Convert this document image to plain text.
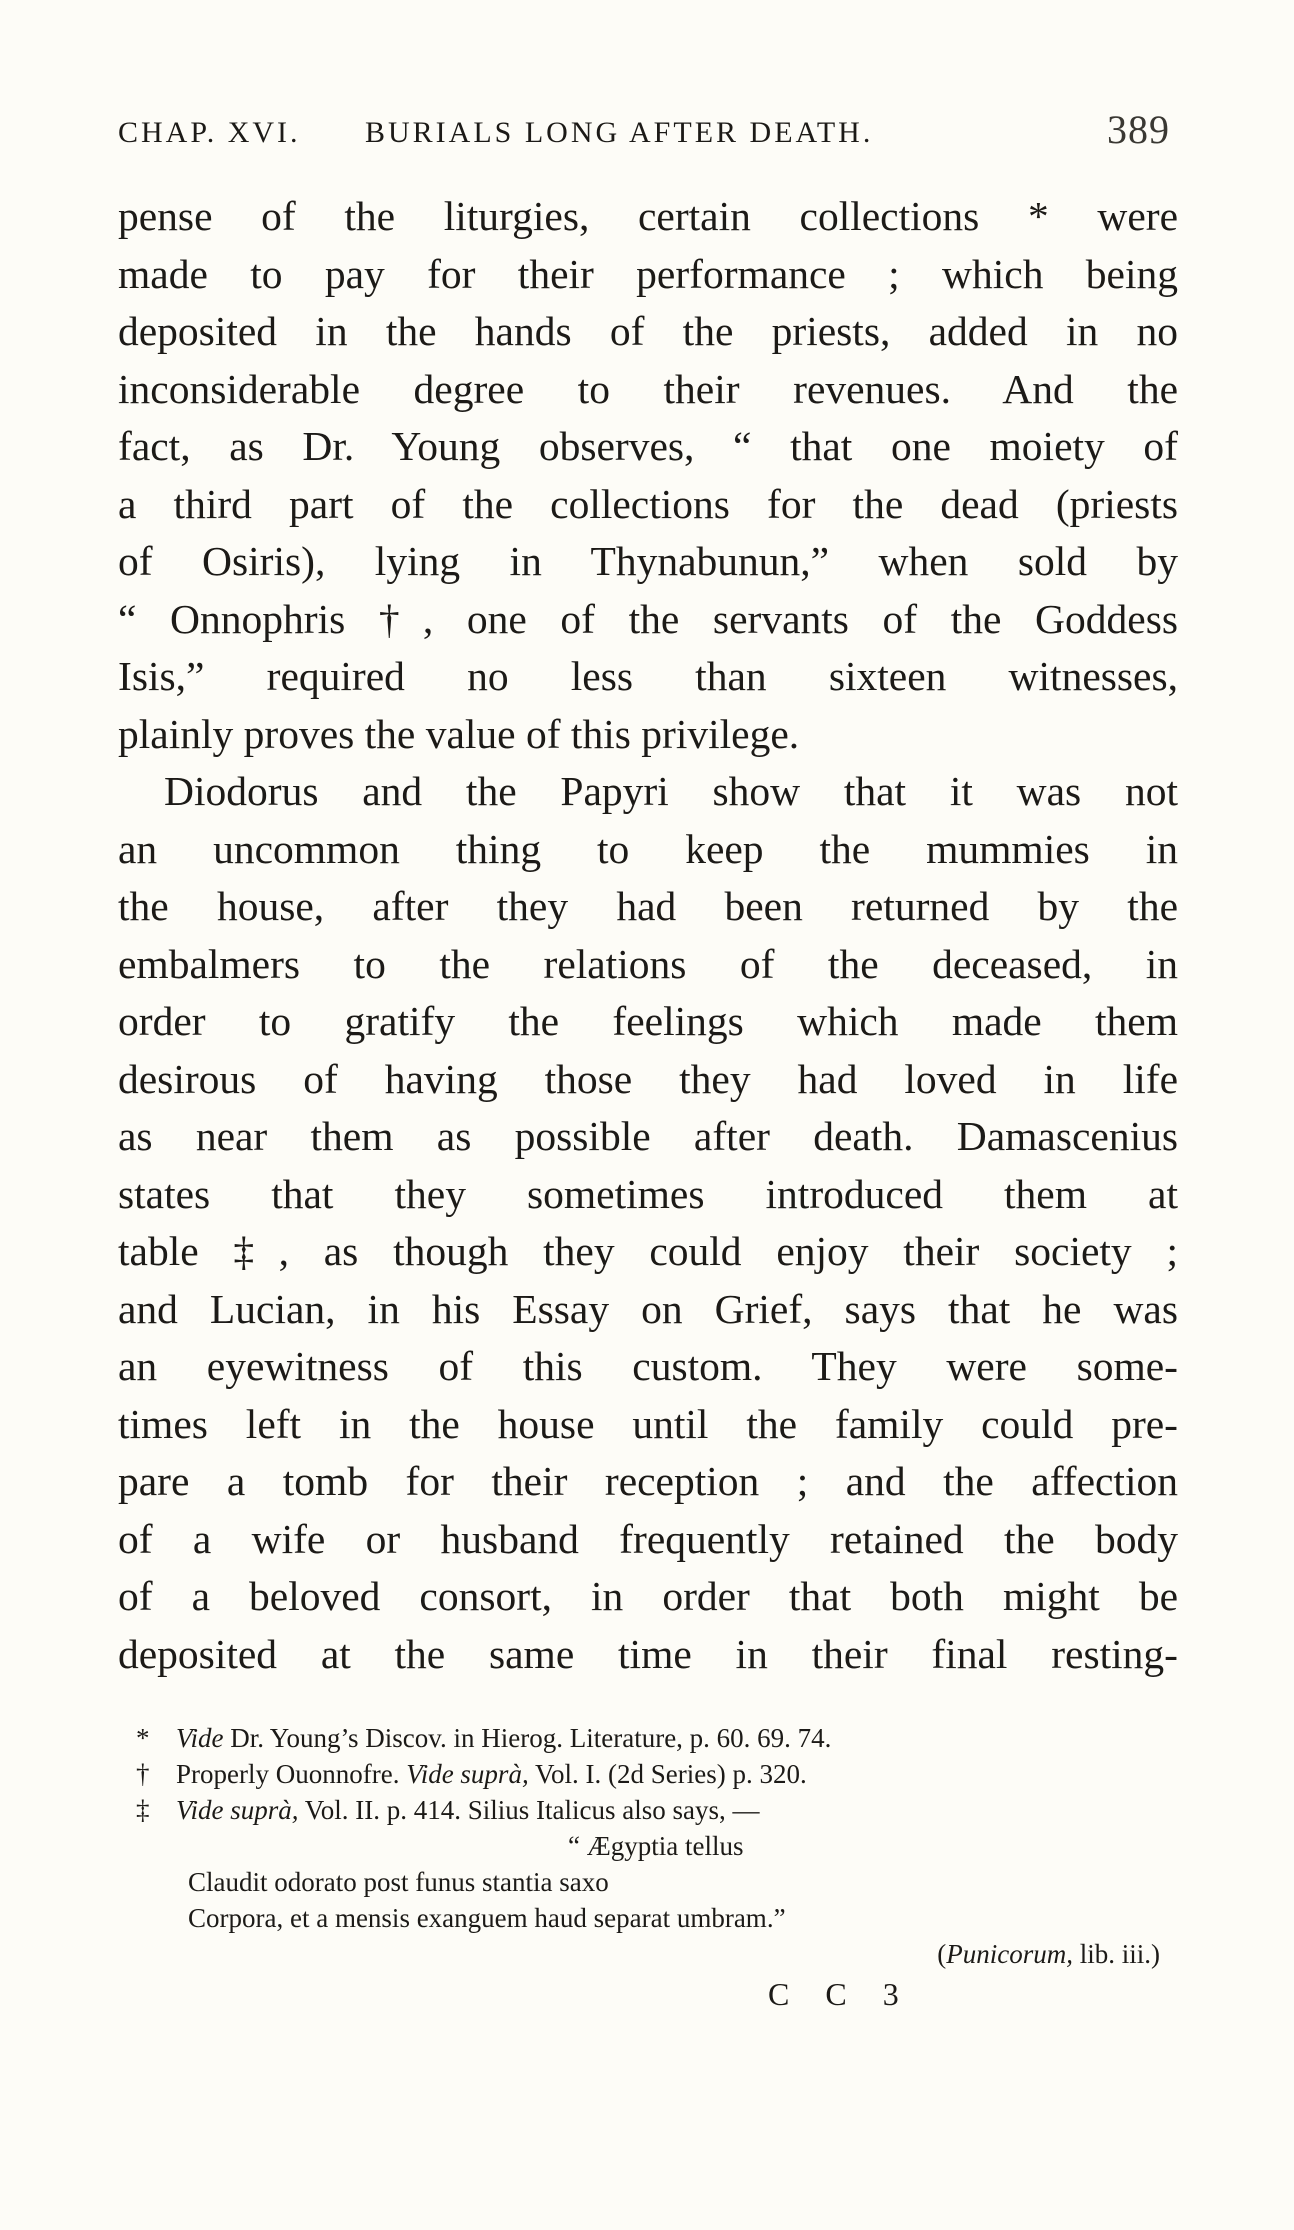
CHAP. XVI. BURIALS LONG AFTER DEATH.	389
pense of the liturgies, certain collections * were
made to pay for their performance ; which being
deposited in the hands of the priests, added in no
inconsiderable degree to their revenues. And the
fact, as Dr. Young observes, “ that one moiety of
a third part of the collections for the dead (priests
of Osiris), lying in Thynabunun,” when sold by
“ Onnophris †, one of the servants of the Goddess
Isis,” required no less than sixteen witnesses,
plainly proves the value of this privilege.
Diodorus and the Papyri show that it was not
an uncommon thing to keep the mummies in
the house, after they had been returned by the
embalmers to the relations of the deceased, in
order to gratify the feelings which made them
desirous of having those they had loved in life
as near them as possible after death. Damascenius
states that they sometimes introduced them at
table ‡, as though they could enjoy their society ;
and Lucian, in his Essay on Grief, says that he was
an eyewitness of this custom. They were some-
times left in the house until the family could pre-
pare a tomb for their reception ; and the affection
of a wife or husband frequently retained the body
of a beloved consort, in order that both might be
deposited at the same time in their final resting-
* Vide Dr. Young’s Discov. in Hierog. Literature, p. 60. 69. 74.
† Properly Ouonnofre. Vide suprà, Vol. I. (2d Series) p. 320.
‡ Vide suprà, Vol. II. p. 414. Silius Italicus also says, —
“ Ægyptia tellus
Claudit odorato post funus stantia saxo
Corpora, et a mensis exanguem haud separat umbram.”
(Punicorum, lib. iii.)
C C 3
